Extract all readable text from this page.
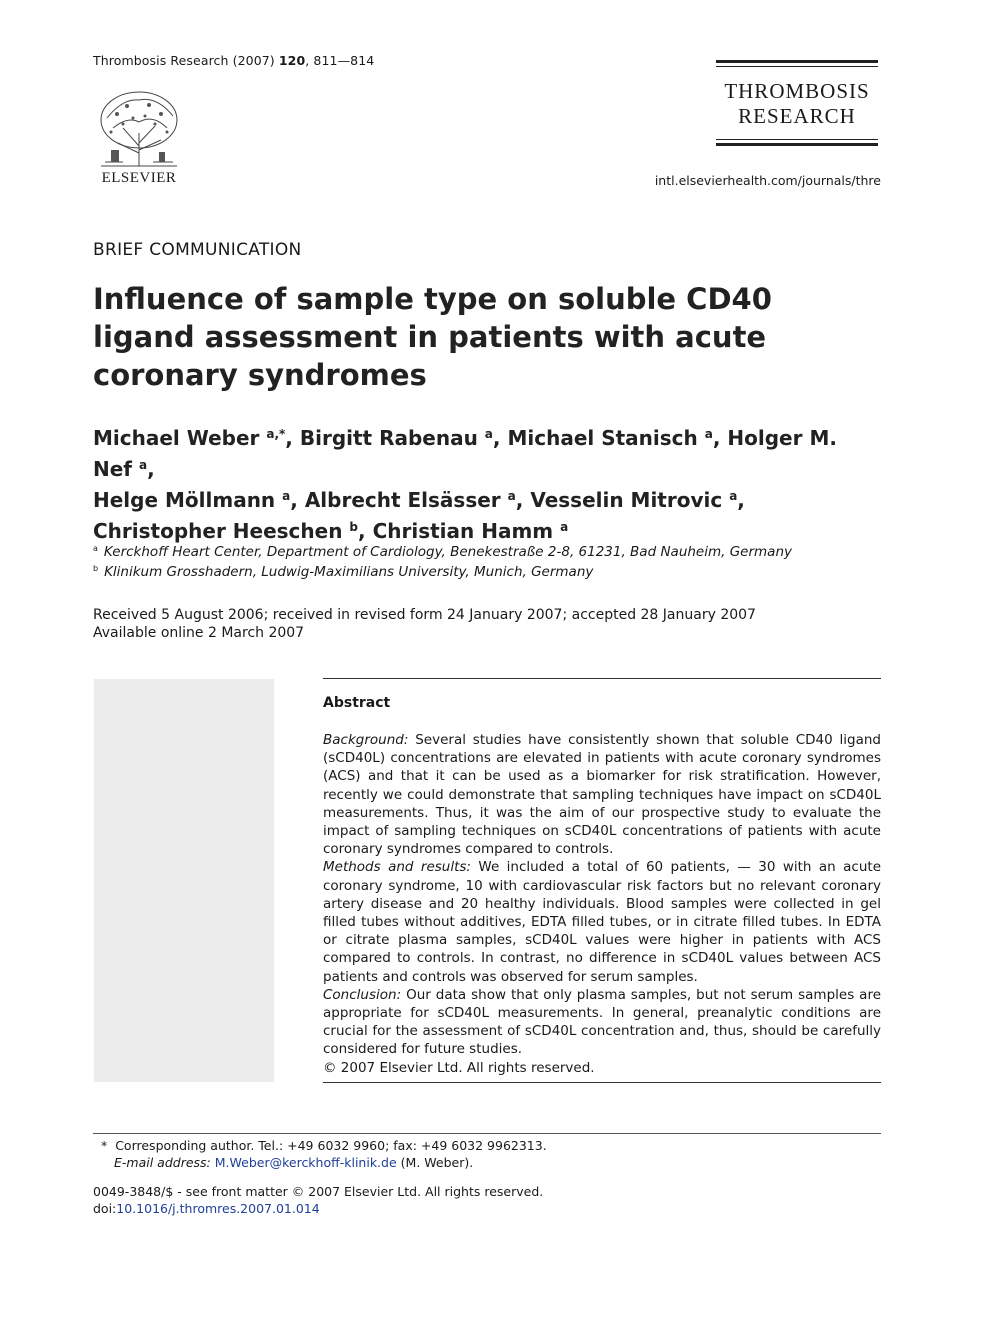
Thrombosis Research (2007) 120, 811—814
ELSEVIER
THROMBOSIS
RESEARCH
intl.elsevierhealth.com/journals/thre
BRIEF COMMUNICATION
Influence of sample type on soluble CD40 ligand assessment in patients with acute coronary syndromes
Michael Weber $^{a,*}$, Birgitt Rabenau $^a$, Michael Stanisch $^a$, Holger M. Nef $^a$,
Helge Möllmann $^a$, Albrecht Elsässer $^a$, Vesselin Mitrovic $^a$,
Christopher Heeschen $^b$, Christian Hamm $^a$
$^a$ Kerckhoff Heart Center, Department of Cardiology, Benekestraße 2-8, 61231, Bad Nauheim, Germany
$^b$ Klinikum Grosshadern, Ludwig-Maximilians University, Munich, Germany
Received 5 August 2006; received in revised form 24 January 2007; accepted 28 January 2007
Available online 2 March 2007
Abstract

Background: Several studies have consistently shown that soluble CD40 ligand (sCD40L) concentrations are elevated in patients with acute coronary syndromes (ACS) and that it can be used as a biomarker for risk stratification. However, recently we could demonstrate that sampling techniques have impact on sCD40L measurements. Thus, it was the aim of our prospective study to evaluate the impact of sampling techniques on sCD40L concentrations of patients with acute coronary syndromes compared to controls.

Methods and results: We included a total of 60 patients, — 30 with an acute coronary syndrome, 10 with cardiovascular risk factors but no relevant coronary artery disease and 20 healthy individuals. Blood samples were collected in gel filled tubes without additives, EDTA filled tubes, or in citrate filled tubes. In EDTA or citrate plasma samples, sCD40L values were higher in patients with ACS compared to controls. In contrast, no difference in sCD40L values between ACS patients and controls was observed for serum samples.

Conclusion: Our data show that only plasma samples, but not serum samples are appropriate for sCD40L measurements. In general, preanalytic conditions are crucial for the assessment of sCD40L concentration and, thus, should be carefully considered for future studies.

© 2007 Elsevier Ltd. All rights reserved.

* Corresponding author. Tel.: +49 6032 9960; fax: +49 6032 9962313.
E-mail address: M.Weber@kerckhoff-klinik.de (M. Weber).
0049-3848/$ - see front matter © 2007 Elsevier Ltd. All rights reserved.
doi:10.1016/j.thromres.2007.01.014
